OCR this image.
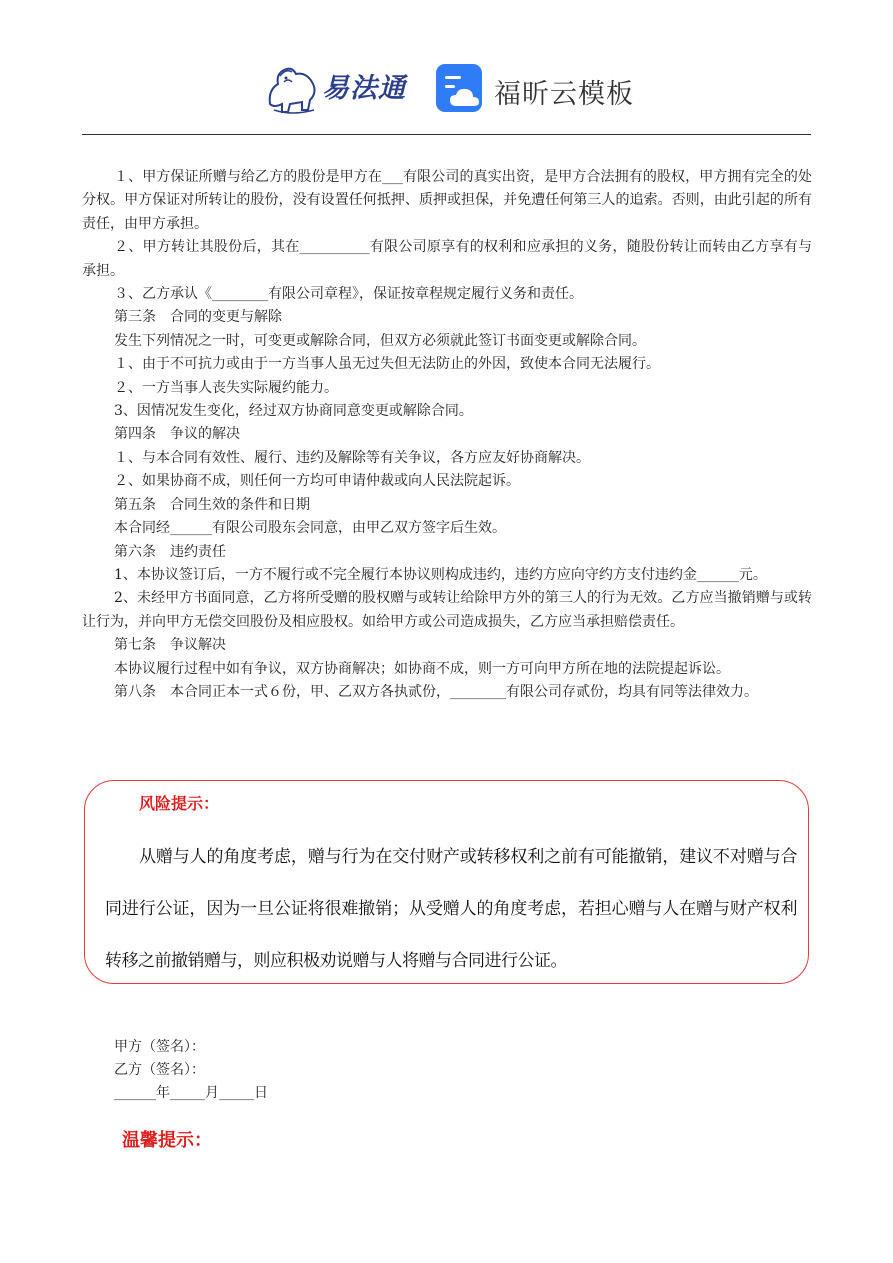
易法通	福昕云模板

１、甲方保证所赠与给乙方的股份是甲方在___有限公司的真实出资，是甲方合法拥有的股权，甲方拥有完全的处分权。甲方保证对所转让的股份，没有设置任何抵押、质押或担保，并免遭任何第三人的追索。否则，由此引起的所有责任，由甲方承担。

２、甲方转让其股份后，其在__________有限公司原享有的权利和应承担的义务，随股份转让而转由乙方享有与承担。

３、乙方承认《________有限公司章程》，保证按章程规定履行义务和责任。

第三条　合同的变更与解除

发生下列情况之一时，可变更或解除合同，但双方必须就此签订书面变更或解除合同。

１、由于不可抗力或由于一方当事人虽无过失但无法防止的外因，致使本合同无法履行。

２、一方当事人丧失实际履约能力。

3、因情况发生变化，经过双方协商同意变更或解除合同。

第四条　争议的解决

１、与本合同有效性、履行、违约及解除等有关争议，各方应友好协商解决。

２、如果协商不成，则任何一方均可申请仲裁或向人民法院起诉。

第五条　合同生效的条件和日期

本合同经______有限公司股东会同意，由甲乙双方签字后生效。

第六条　违约责任

1、本协议签订后，一方不履行或不完全履行本协议则构成违约，违约方应向守约方支付违约金______元。

2、未经甲方书面同意，乙方将所受赠的股权赠与或转让给除甲方外的第三人的行为无效。乙方应当撤销赠与或转让行为，并向甲方无偿交回股份及相应股权。如给甲方或公司造成损失，乙方应当承担赔偿责任。

第七条　争议解决

本协议履行过程中如有争议，双方协商解决；如协商不成，则一方可向甲方所在地的法院提起诉讼。

第八条　本合同正本一式６份，甲、乙双方各执贰份，________有限公司存贰份，均具有同等法律效力。

风险提示：

从赠与人的角度考虑，赠与行为在交付财产或转移权利之前有可能撤销，建议不对赠与合同进行公证，因为一旦公证将很难撤销；从受赠人的角度考虑，若担心赠与人在赠与财产权利转移之前撤销赠与，则应积极劝说赠与人将赠与合同进行公证。

甲方（签名）：
乙方（签名）：
______年_____月_____日
温馨提示：
